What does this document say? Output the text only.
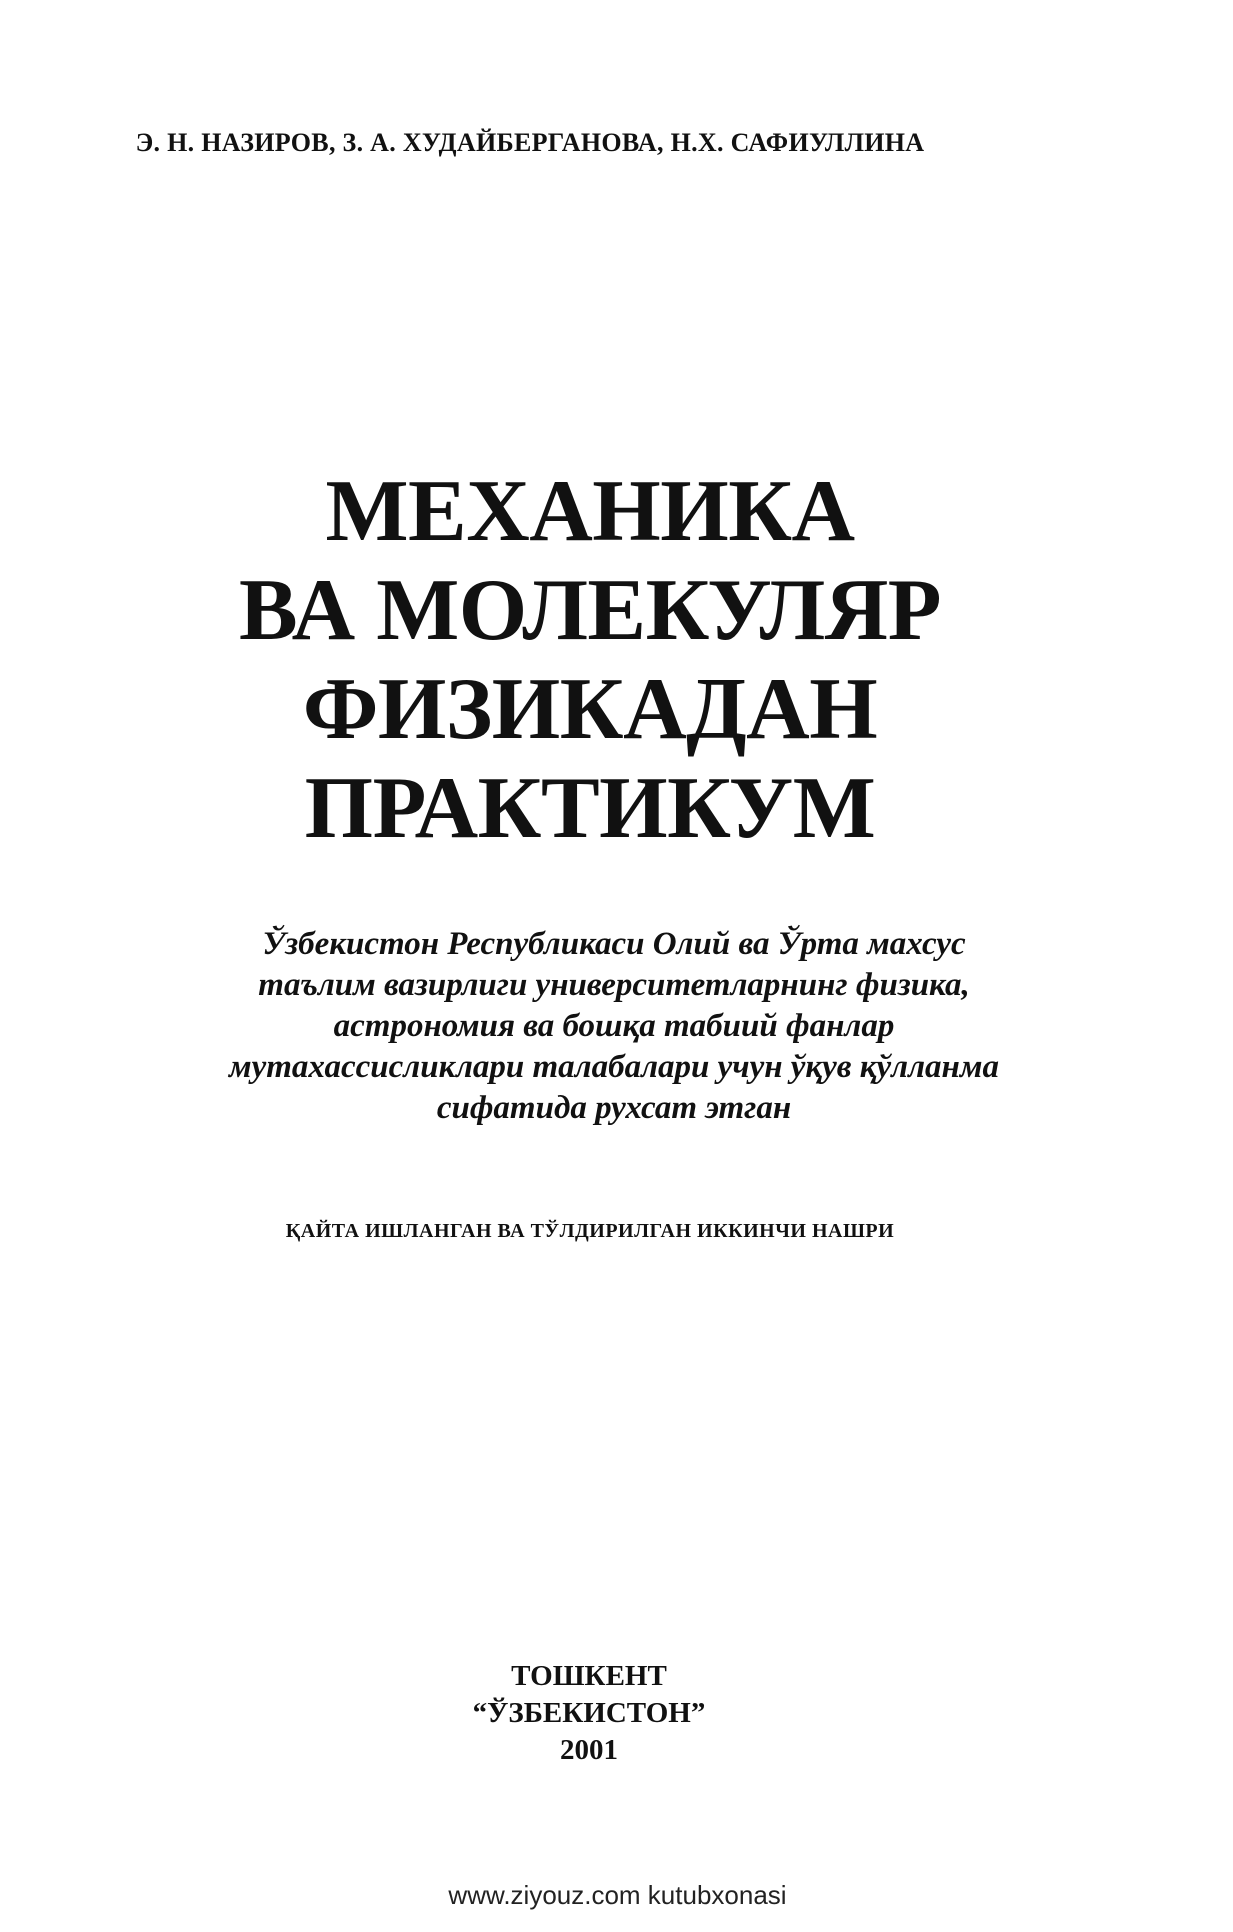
Э. Н. НАЗИРОВ, З. А. ХУДАЙБЕРГАНОВА, Н.Х. САФИУЛЛИНА
МЕХАНИКА
ВА МОЛЕКУЛЯР
ФИЗИКАДАН
ПРАКТИКУМ
Ўзбекистон Республикаси Олий ва Ўрта махсус
таълим вазирлиги университетларнинг физика,
астрономия ва бошқа табиий фанлар
мутахассисликлари талабалари учун ўқув қўлланма
сифатида рухсат этган
ҚАЙТА ИШЛАНГАН ВА ТЎЛДИРИЛГАН ИККИНЧИ НАШРИ
ТОШКЕНТ
“ЎЗБЕКИСТОН”
2001
www.ziyouz.com kutubxonasi
